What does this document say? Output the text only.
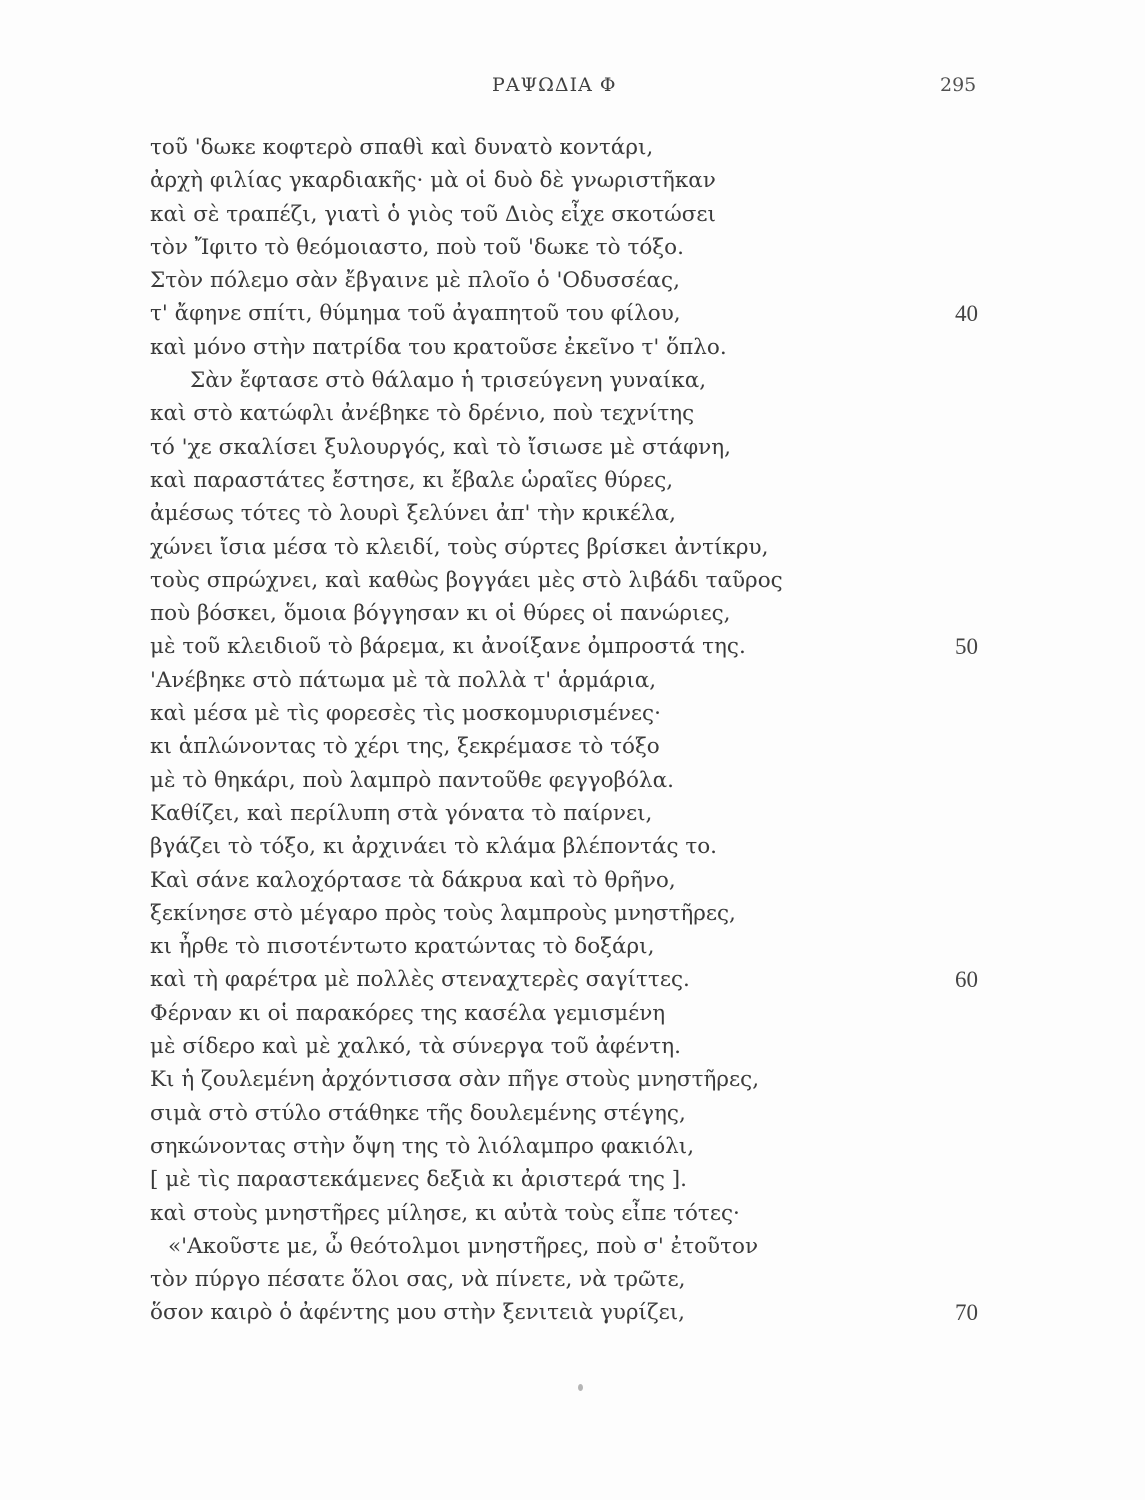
ΡΑΨΩΔΙΑ Φ	295
τοῦ 'δωκε κοφτερὸ σπαθὶ καὶ δυνατὸ κοντάρι,
ἀρχὴ φιλίας γκαρδιακῆς· μὰ οἱ δυὸ δὲ γνωριστῆκαν
καὶ σὲ τραπέζι, γιατὶ ὁ γιὸς τοῦ Διὸς εἶχε σκοτώσει
τὸν Ἴφιτο τὸ θεόμοιαστο, ποὺ τοῦ 'δωκε τὸ τόξο.
Στὸν πόλεμο σὰν ἔβγαινε μὲ πλοῖο ὁ 'Οδυσσέας,
τ' ἄφηνε σπίτι, θύμημα τοῦ ἀγαπητοῦ του φίλου,	40
καὶ μόνο στὴν πατρίδα του κρατοῦσε ἐκεῖνο τ' ὅπλο.
Σὰν ἔφτασε στὸ θάλαμο ἡ τρισεύγενη γυναίκα,
καὶ στὸ κατώφλι ἀνέβηκε τὸ δρένιο, ποὺ τεχνίτης
τό 'χε σκαλίσει ξυλουργός, καὶ τὸ ἴσιωσε μὲ στάφνη,
καὶ παραστάτες ἔστησε, κι ἔβαλε ὡραῖες θύρες,
ἀμέσως τότες τὸ λουρὶ ξελύνει ἀπ' τὴν κρικέλα,
χώνει ἴσια μέσα τὸ κλειδί, τοὺς σύρτες βρίσκει ἀντίκρυ,
τοὺς σπρώχνει, καὶ καθὼς βογγάει μὲς στὸ λιβάδι ταῦρος
ποὺ βόσκει, ὅμοια βόγγησαν κι οἱ θύρες οἱ πανώριες,
μὲ τοῦ κλειδιοῦ τὸ βάρεμα, κι ἀνοίξανε ὀμπροστά της.	50
'Ανέβηκε στὸ πάτωμα μὲ τὰ πολλὰ τ' ἁρμάρια,
καὶ μέσα μὲ τὶς φορεσὲς τὶς μοσκομυρισμένες·
κι ἁπλώνοντας τὸ χέρι της, ξεκρέμασε τὸ τόξο
μὲ τὸ θηκάρι, ποὺ λαμπρὸ παντοῦθε φεγγοβόλα.
Καθίζει, καὶ περίλυπη στὰ γόνατα τὸ παίρνει,
βγάζει τὸ τόξο, κι ἀρχινάει τὸ κλάμα βλέποντάς το.
Καὶ σάνε καλοχόρτασε τὰ δάκρυα καὶ τὸ θρῆνο,
ξεκίνησε στὸ μέγαρο πρὸς τοὺς λαμπροὺς μνηστῆρες,
κι ἦρθε τὸ πισοτέντωτο κρατώντας τὸ δοξάρι,
καὶ τὴ φαρέτρα μὲ πολλὲς στεναχτερὲς σαγίττες.	60
Φέρναν κι οἱ παρακόρες της κασέλα γεμισμένη
μὲ σίδερο καὶ μὲ χαλκό, τὰ σύνεργα τοῦ ἀφέντη.
Κι ἡ ζουλεμένη ἀρχόντισσα σὰν πῆγε στοὺς μνηστῆρες,
σιμὰ στὸ στύλο στάθηκε τῆς δουλεμένης στέγης,
σηκώνοντας στὴν ὄψη της τὸ λιόλαμπρο φακιόλι,
[ μὲ τὶς παραστεκάμενες δεξιὰ κι ἀριστερά της ].
καὶ στοὺς μνηστῆρες μίλησε, κι αὐτὰ τοὺς εἶπε τότες·
«'Ακοῦστε με, ὦ θεότολμοι μνηστῆρες, ποὺ σ' ἐτοῦτον
τὸν πύργο πέσατε ὅλοι σας, νὰ πίνετε, νὰ τρῶτε,
ὅσον καιρὸ ὁ ἀφέντης μου στὴν ξενιτειὰ γυρίζει,	70
